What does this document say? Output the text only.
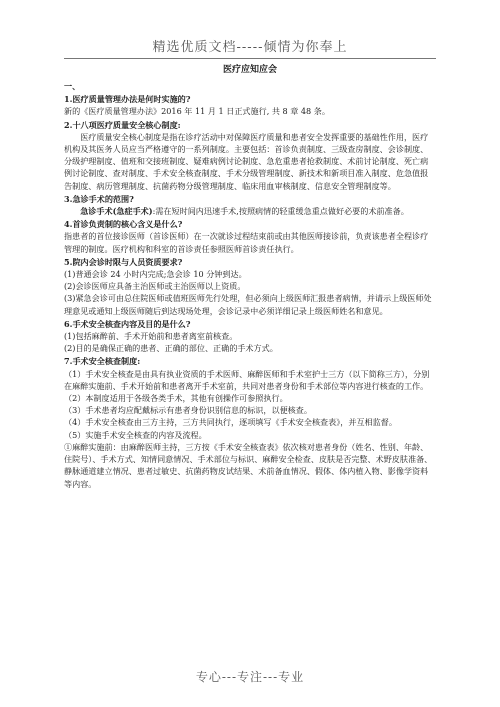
精选优质文档-----倾情为你奉上

医疗应知应会

一、

1.医疗质量管理办法是何时实施的?

新的《医疗质量管理办法》2016 年 11 月 1 日正式施行, 共 8 章 48 条。

2.十八项医疗质量安全核心制度:

医疗质量安全核心制度是指在诊疗活动中对保障医疗质量和患者安全发挥重要的基础性作用，医疗机构及其医务人员应当严格遵守的一系列制度。主要包括：首诊负责制度、三级查房制度、会诊制度、分级护理制度、值班和交接班制度、疑难病例讨论制度、急危重患者抢救制度、术前讨论制度、死亡病例讨论制度、查对制度、手术安全核查制度、手术分级管理制度、新技术和新项目准入制度、危急值报告制度、病历管理制度、抗菌药物分级管理制度、临床用血审核制度、信息安全管理制度等。

3.急诊手术的范围?

急诊手术(急症手术):需在短时间内迅速手术,按照病情的轻重缓急重点做好必要的术前准备。

4.首诊负责制的核心含义是什么?

指患者的首位接诊医师（首诊医师）在一次就诊过程结束前或由其他医师接诊前，负责该患者全程诊疗管理的制度。医疗机构和科室的首诊责任参照医师首诊责任执行。

5.院内会诊时限与人员资质要求?

(1)普通会诊 24 小时内完成;急会诊 10 分钟到达。

(2)会诊医师应具备主治医师或主治医师以上资质。

(3)紧急会诊可由总住院医师或值班医师先行处理，但必须向上级医师汇报患者病情，并请示上级医师处理意见或通知上级医师随后到达现场处理，会诊记录中必须详细记录上级医师姓名和意见。

6.手术安全核查内容及目的是什么?

(1)包括麻醉前、手术开始前和患者离室前核查。

(2)目的是确保正确的患者、正确的部位、正确的手术方式。

7.手术安全核查制度:

（1）手术安全核查是由具有执业资质的手术医师、麻醉医师和手术室护士三方（以下简称三方），分别在麻醉实施前、手术开始前和患者离开手术室前，共同对患者身份和手术部位等内容进行核查的工作。

（2）本制度适用于各级各类手术，其他有创操作可参照执行。

（3）手术患者均应配戴标示有患者身份识别信息的标识，以便核查。

（4）手术安全核查由三方主持，三方共同执行，逐项填写《手术安全核查表》，并互相监督。

（5）实施手术安全核查的内容及流程。

①麻醉实施前：由麻醉医师主持，三方按《手术安全核查表》依次核对患者身份（姓名、性别、年龄、住院号）、手术方式、知情同意情况、手术部位与标识、麻醉安全检查、皮肤是否完整、术野皮肤准备、静脉通道建立情况、患者过敏史、抗菌药物皮试结果、术前备血情况、假体、体内植入物、影像学资料等内容。

专心---专注---专业
